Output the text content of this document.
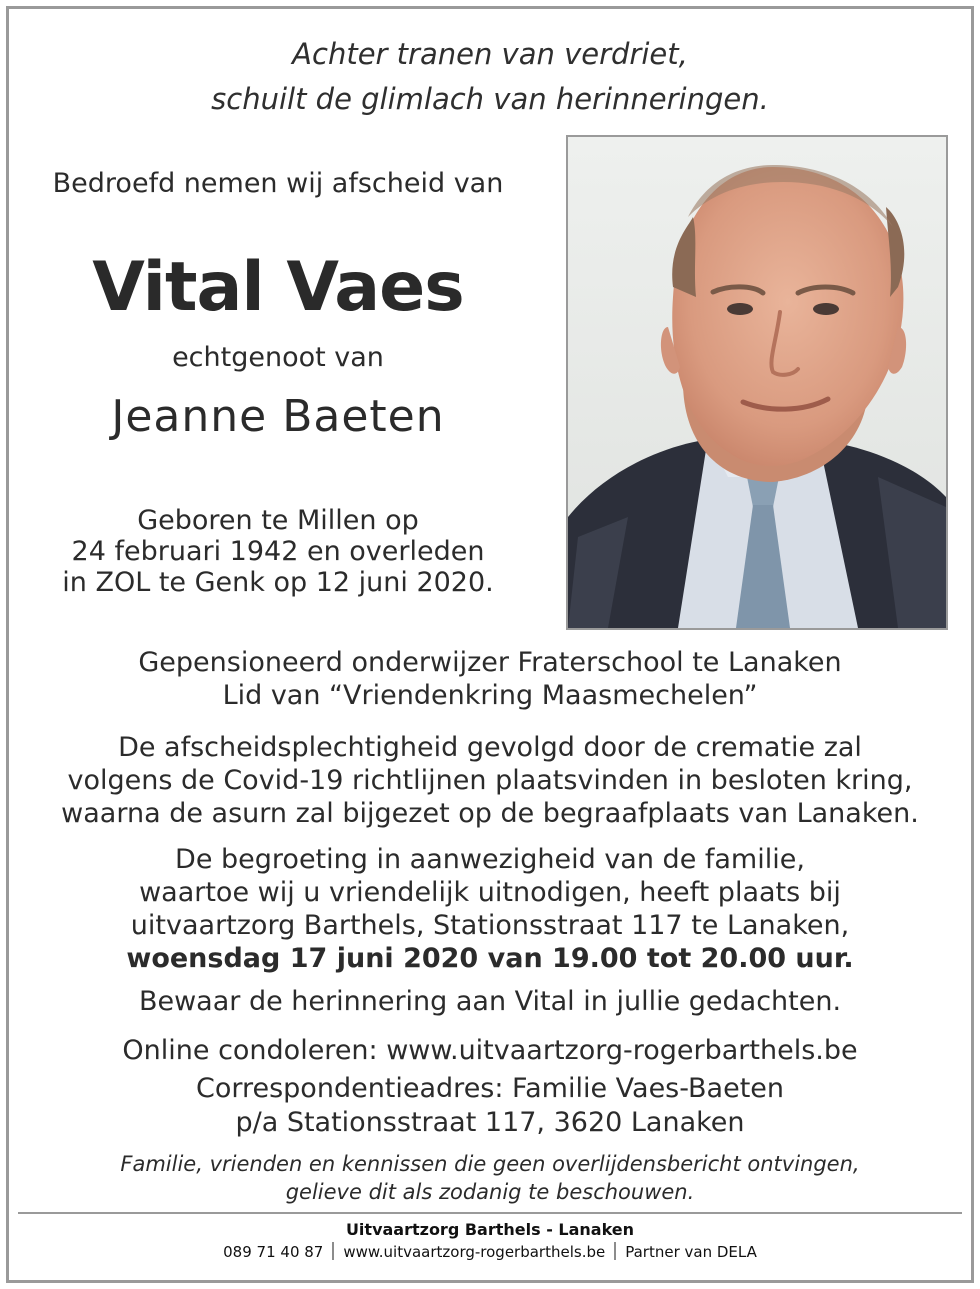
Achter tranen van verdriet,
schuilt de glimlach van herinneringen.
Bedroefd nemen wij afscheid van
Vital Vaes
echtgenoot van
Jeanne Baeten
Geboren te Millen op
24 februari 1942 en overleden
in ZOL te Genk op 12 juni 2020.
Gepensioneerd onderwijzer Fraterschool te Lanaken
Lid van “Vriendenkring Maasmechelen”
De afscheidsplechtigheid gevolgd door de crematie zal
volgens de Covid-19 richtlijnen plaatsvinden in besloten kring,
waarna de asurn zal bijgezet op de begraafplaats van Lanaken.
De begroeting in aanwezigheid van de familie,
waartoe wij u vriendelijk uitnodigen, heeft plaats bij
uitvaartzorg Barthels, Stationsstraat 117 te Lanaken,
woensdag 17 juni 2020 van 19.00 tot 20.00 uur.
Bewaar de herinnering aan Vital in jullie gedachten.
Online condoleren: www.uitvaartzorg-rogerbarthels.be
Correspondentieadres: Familie Vaes-Baeten
p/a Stationsstraat 117, 3620 Lanaken
Familie, vrienden en kennissen die geen overlijdensbericht ontvingen,
gelieve dit als zodanig te beschouwen.
Uitvaartzorg Barthels - Lanaken
089 71 40 87 www.uitvaartzorg-rogerbarthels.be Partner van DELA
